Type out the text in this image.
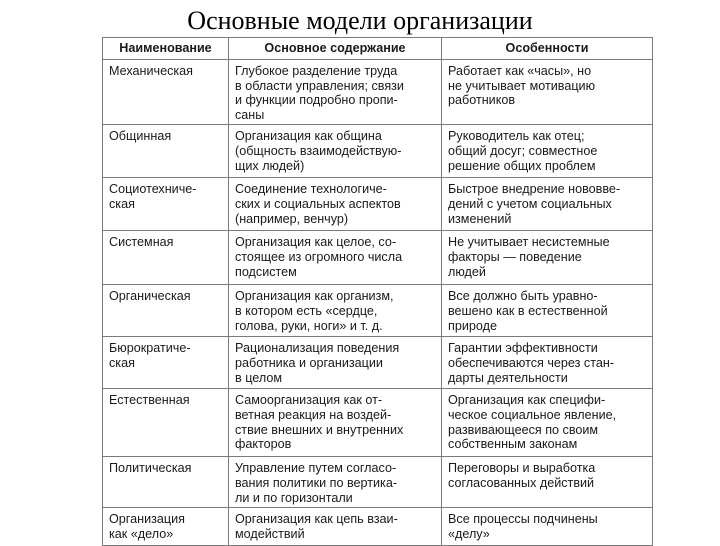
Основные модели организации
Наименование	Основное содержание	Особенности

Механическая	Глубокое разделение труда
в области управления; связи
и функции подробно пропи-
саны	Работает как «часы», но
не учитывает мотивацию
работников

Общинная	Организация как община
(общность взаимодействую-
щих людей)	Руководитель как отец;
общий досуг; совместное
решение общих проблем

Социотехниче-
ская	Соединение технологиче-
ских и социальных аспектов
(например, венчур)	Быстрое внедрение нововве-
дений с учетом социальных
изменений

Системная	Организация как целое, со-
стоящее из огромного числа
подсистем	Не учитывает несистемные
факторы — поведение
людей

Органическая	Организация как организм,
в котором есть «сердце,
голова, руки, ноги» и т. д.	Все должно быть уравно-
вешено как в естественной
природе

Бюрократиче-
ская	Рационализация поведения
работника и организации
в целом	Гарантии эффективности
обеспечиваются через стан-
дарты деятельности

Естественная	Самоорганизация как от-
ветная реакция на воздей-
ствие внешних и внутренних
факторов	Организация как специфи-
ческое социальное явление,
развивающееся по своим
собственным законам

Политическая	Управление путем согласо-
вания политики по вертика-
ли и по горизонтали	Переговоры и выработка
согласованных действий

Организация
как «дело»	Организация как цепь взаи-
модействий	Все процессы подчинены
«делу»
